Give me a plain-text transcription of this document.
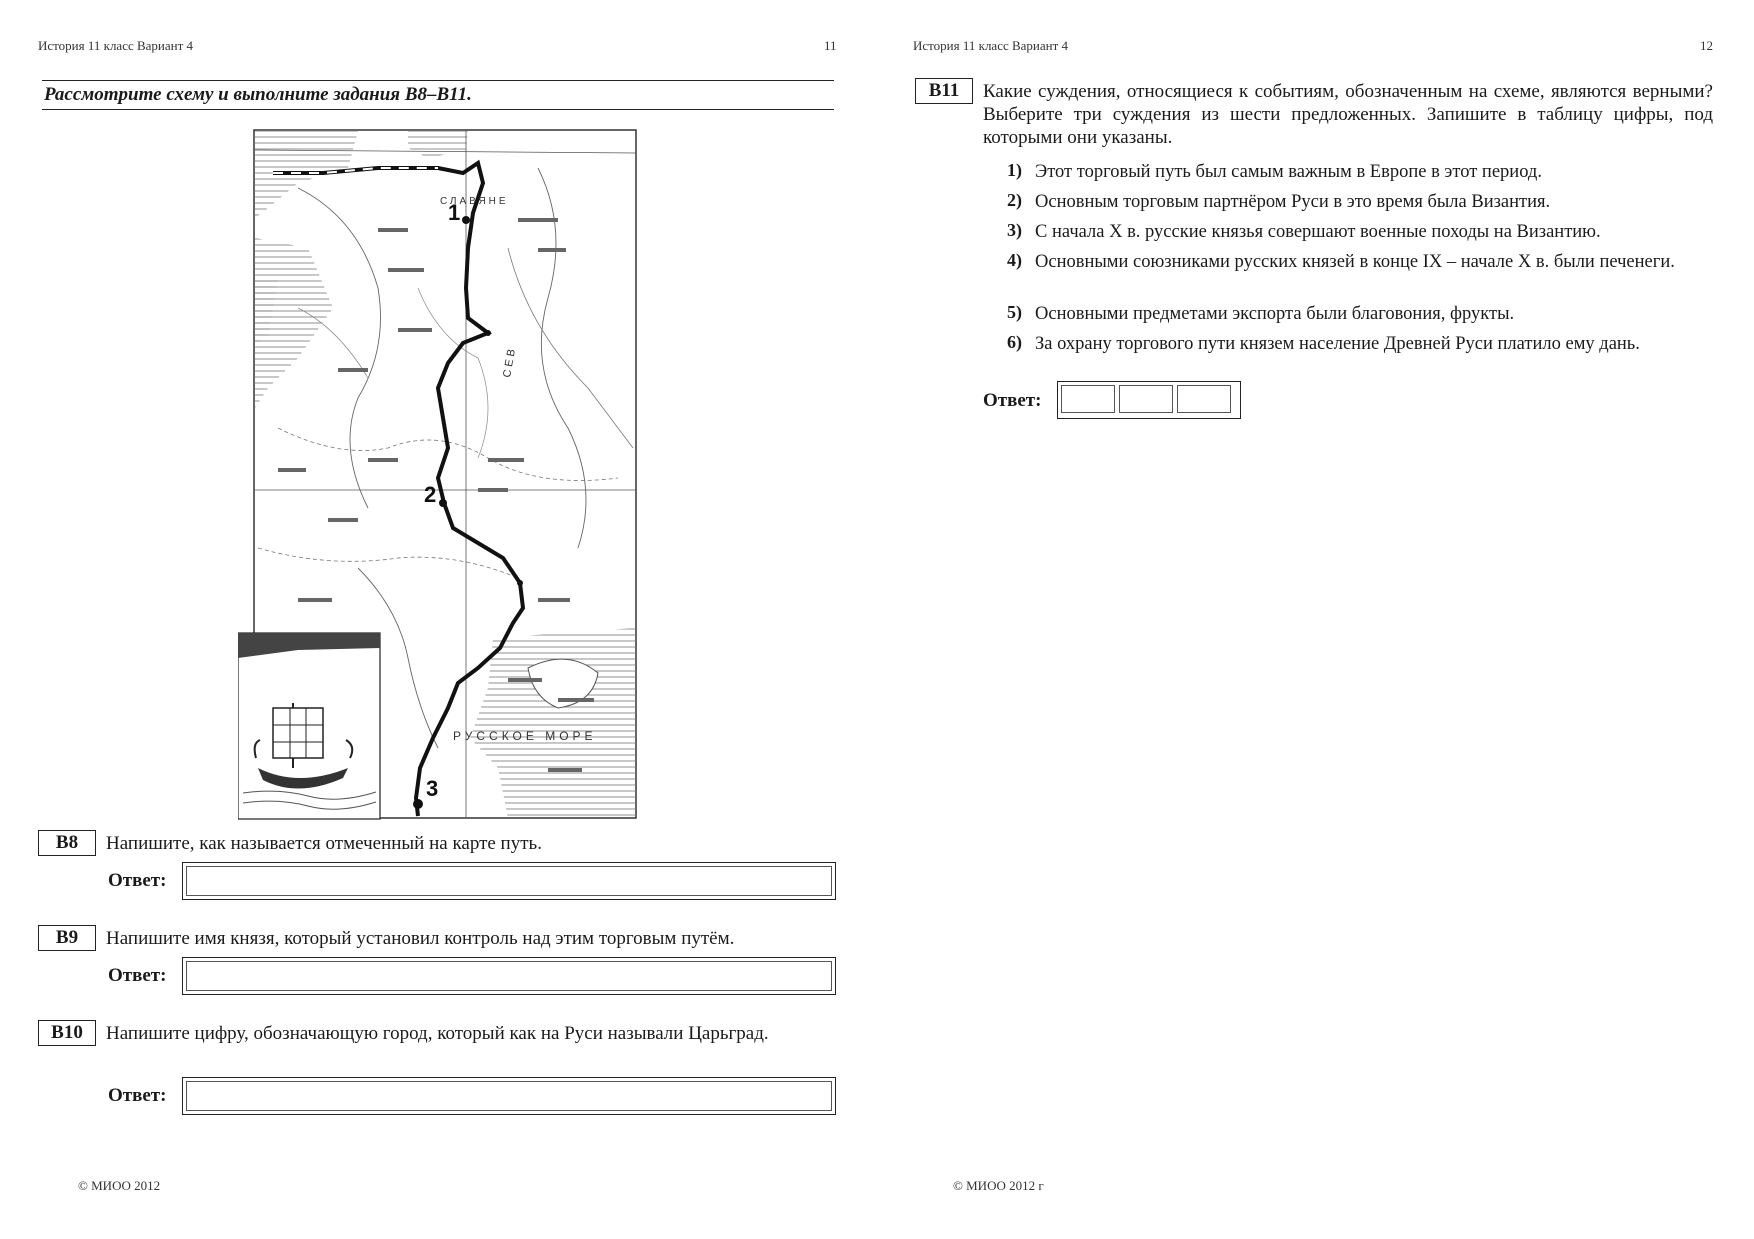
История 11 класс Вариант 4	11
Рассмотрите схему и выполните задания В8–В11.
1
2
3
СЛАВЯНЕ
СЕВ
РУССКОЕ МОРЕ
B8	Напишите, как называется отмеченный на карте путь.
Ответ:
B9	Напишите имя князя, который установил контроль над этим торговым путём.
Ответ:
B10	Напишите цифру, обозначающую город, который как на Руси называли Царьград.
Ответ:
© МИОО 2012
История 11 класс Вариант 4	12
B11	Какие суждения, относящиеся к событиям, обозначенным на схеме, являются верными? Выберите три суждения из шести предложенных. Запишите в таблицу цифры, под которыми они указаны.
1) Этот торговый путь был самым важным в Европе в этот период.
2) Основным торговым партнёром Руси в это время была Византия.
3) С начала X в. русские князья совершают военные походы на Византию.
4) Основными союзниками русских князей в конце IX – начале X в. были печенеги.
5) Основными предметами экспорта были благовония, фрукты.
6) За охрану торгового пути князем население Древней Руси платило ему дань.
Ответ:
© МИОО 2012 г
